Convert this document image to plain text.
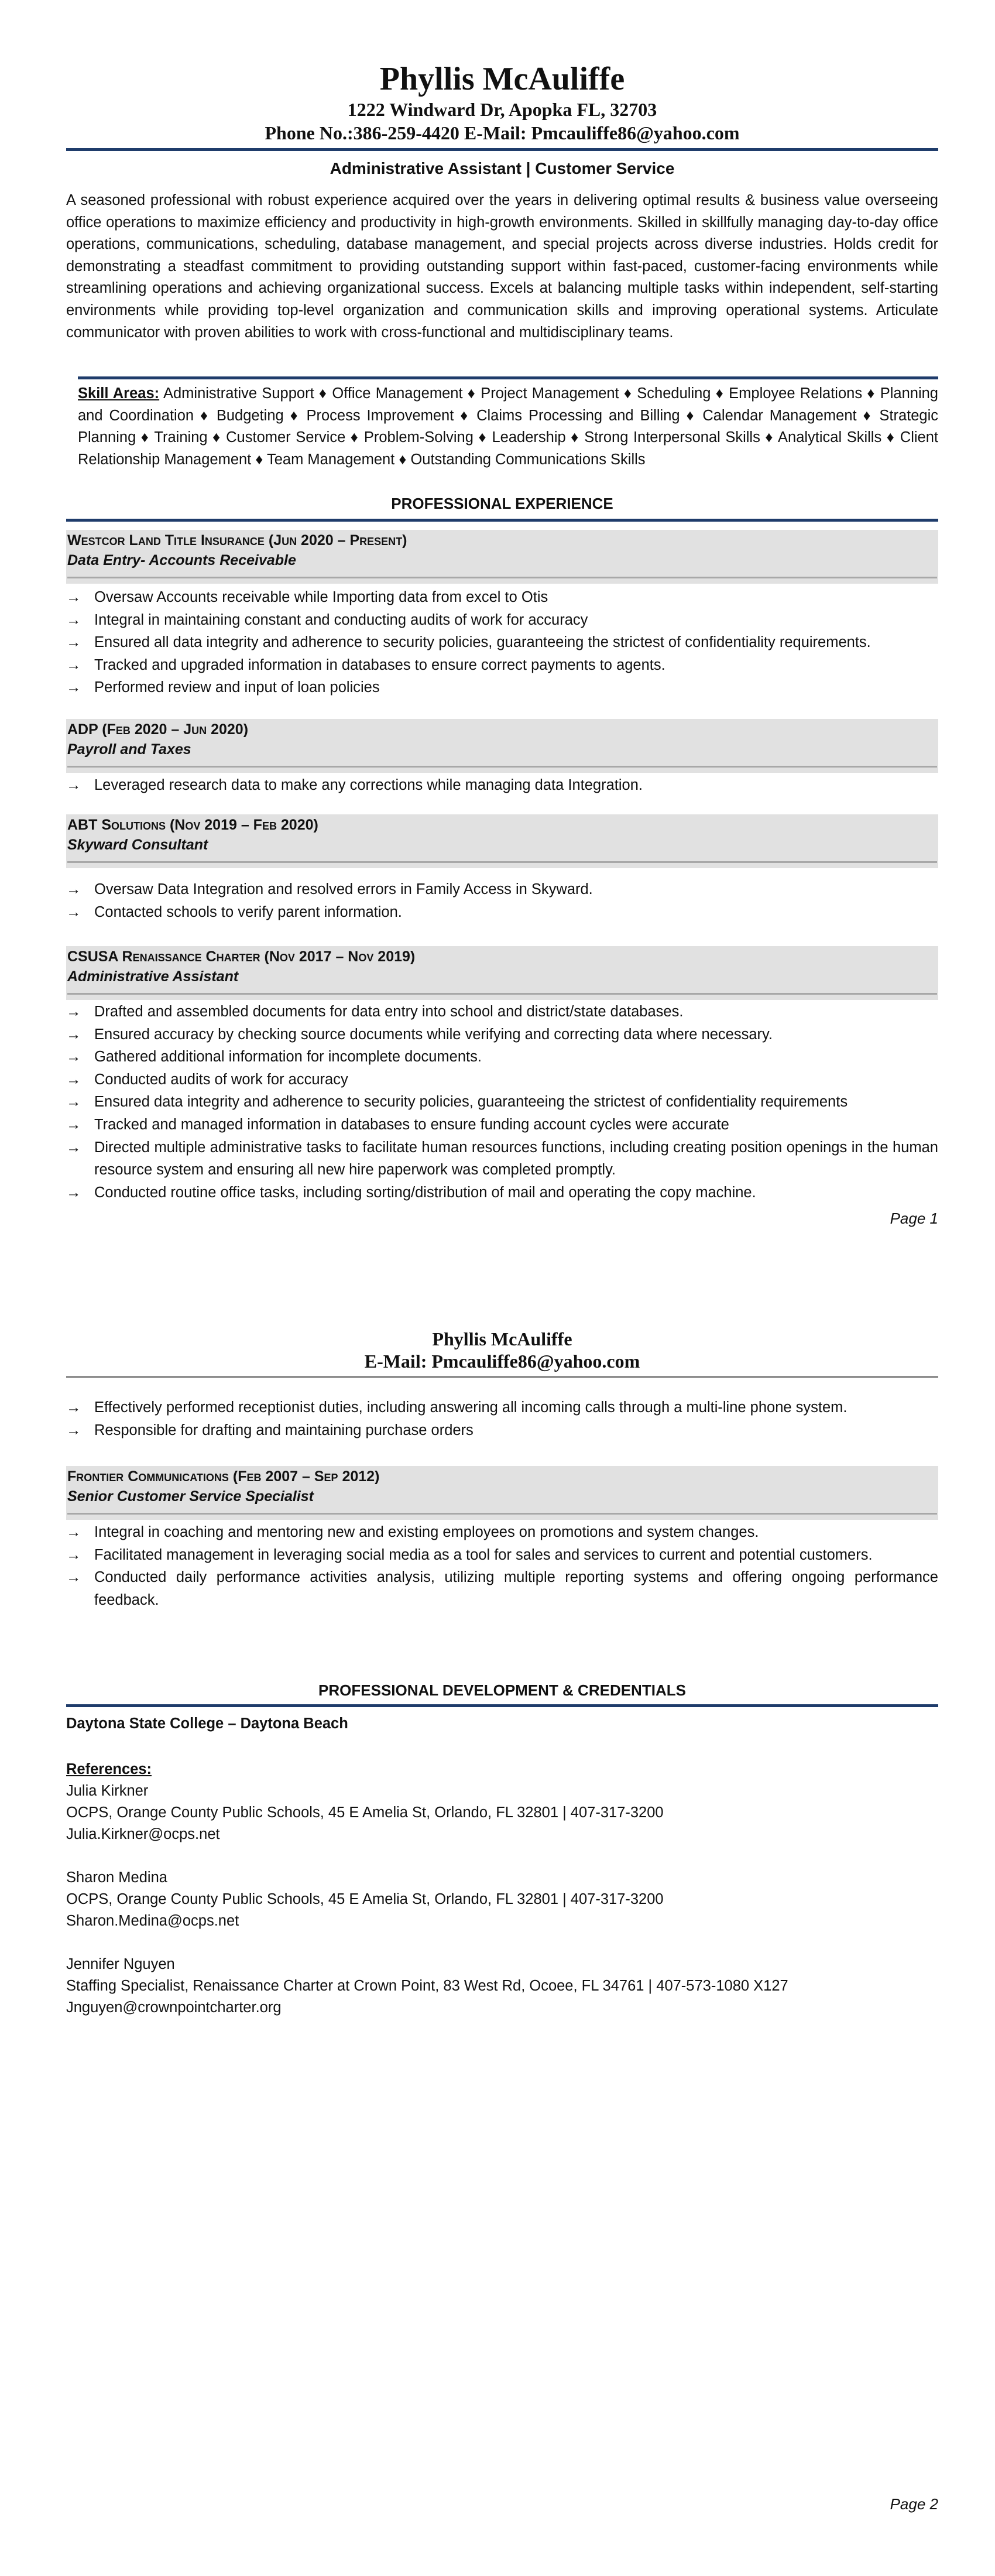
Phyllis McAuliffe
1222 Windward Dr, Apopka FL, 32703
Phone No.:386-259-4420 E-Mail: Pmcauliffe86@yahoo.com
Administrative Assistant | Customer Service
A seasoned professional with robust experience acquired over the years in delivering optimal results & business value overseeing office operations to maximize efficiency and productivity in high-growth environments. Skilled in skillfully managing day-to-day office operations, communications, scheduling, database management, and special projects across diverse industries. Holds credit for demonstrating a steadfast commitment to providing outstanding support within fast-paced, customer-facing environments while streamlining operations and achieving organizational success. Excels at balancing multiple tasks within independent, self-starting environments while providing top-level organization and communication skills and improving operational systems. Articulate communicator with proven abilities to work with cross-functional and multidisciplinary teams.
Skill Areas: Administrative Support ♦ Office Management ♦ Project Management ♦ Scheduling ♦ Employee Relations ♦ Planning and Coordination ♦ Budgeting ♦ Process Improvement ♦ Claims Processing and Billing ♦ Calendar Management ♦ Strategic Planning ♦ Training ♦ Customer Service ♦ Problem-Solving ♦ Leadership ♦ Strong Interpersonal Skills ♦ Analytical Skills ♦ Client Relationship Management ♦ Team Management ♦ Outstanding Communications Skills
PROFESSIONAL EXPERIENCE
Westcor Land Title Insurance (Jun 2020 – Present)
Data Entry- Accounts Receivable
→ Oversaw Accounts receivable while Importing data from excel to Otis
→ Integral in maintaining constant and conducting audits of work for accuracy
→ Ensured all data integrity and adherence to security policies, guaranteeing the strictest of confidentiality requirements.
→ Tracked and upgraded information in databases to ensure correct payments to agents.
→ Performed review and input of loan policies
ADP (Feb 2020 – Jun 2020)
Payroll and Taxes
→ Leveraged research data to make any corrections while managing data Integration.
ABT Solutions (Nov 2019 – Feb 2020)
Skyward Consultant
→ Oversaw Data Integration and resolved errors in Family Access in Skyward.
→ Contacted schools to verify parent information.
CSUSA Renaissance Charter (Nov 2017 – Nov 2019)
Administrative Assistant
→ Drafted and assembled documents for data entry into school and district/state databases.
→ Ensured accuracy by checking source documents while verifying and correcting data where necessary.
→ Gathered additional information for incomplete documents.
→ Conducted audits of work for accuracy
→ Ensured data integrity and adherence to security policies, guaranteeing the strictest of confidentiality requirements
→ Tracked and managed information in databases to ensure funding account cycles were accurate
→ Directed multiple administrative tasks to facilitate human resources functions, including creating position openings in the human resource system and ensuring all new hire paperwork was completed promptly.
→ Conducted routine office tasks, including sorting/distribution of mail and operating the copy machine.
Page 1
Phyllis McAuliffe
E-Mail: Pmcauliffe86@yahoo.com
→ Effectively performed receptionist duties, including answering all incoming calls through a multi-line phone system.
→ Responsible for drafting and maintaining purchase orders
Frontier Communications (Feb 2007 – Sep 2012)
Senior Customer Service Specialist
→ Integral in coaching and mentoring new and existing employees on promotions and system changes.
→ Facilitated management in leveraging social media as a tool for sales and services to current and potential customers.
→ Conducted daily performance activities analysis, utilizing multiple reporting systems and offering ongoing performance feedback.
PROFESSIONAL DEVELOPMENT & CREDENTIALS
Daytona State College – Daytona Beach
References:
Julia Kirkner
OCPS, Orange County Public Schools, 45 E Amelia St, Orlando, FL 32801 | 407-317-3200
Julia.Kirkner@ocps.net
Sharon Medina
OCPS, Orange County Public Schools, 45 E Amelia St, Orlando, FL 32801 | 407-317-3200
Sharon.Medina@ocps.net
Jennifer Nguyen
Staffing Specialist, Renaissance Charter at Crown Point, 83 West Rd, Ocoee, FL 34761 | 407-573-1080 X127
Jnguyen@crownpointcharter.org
Page 2
